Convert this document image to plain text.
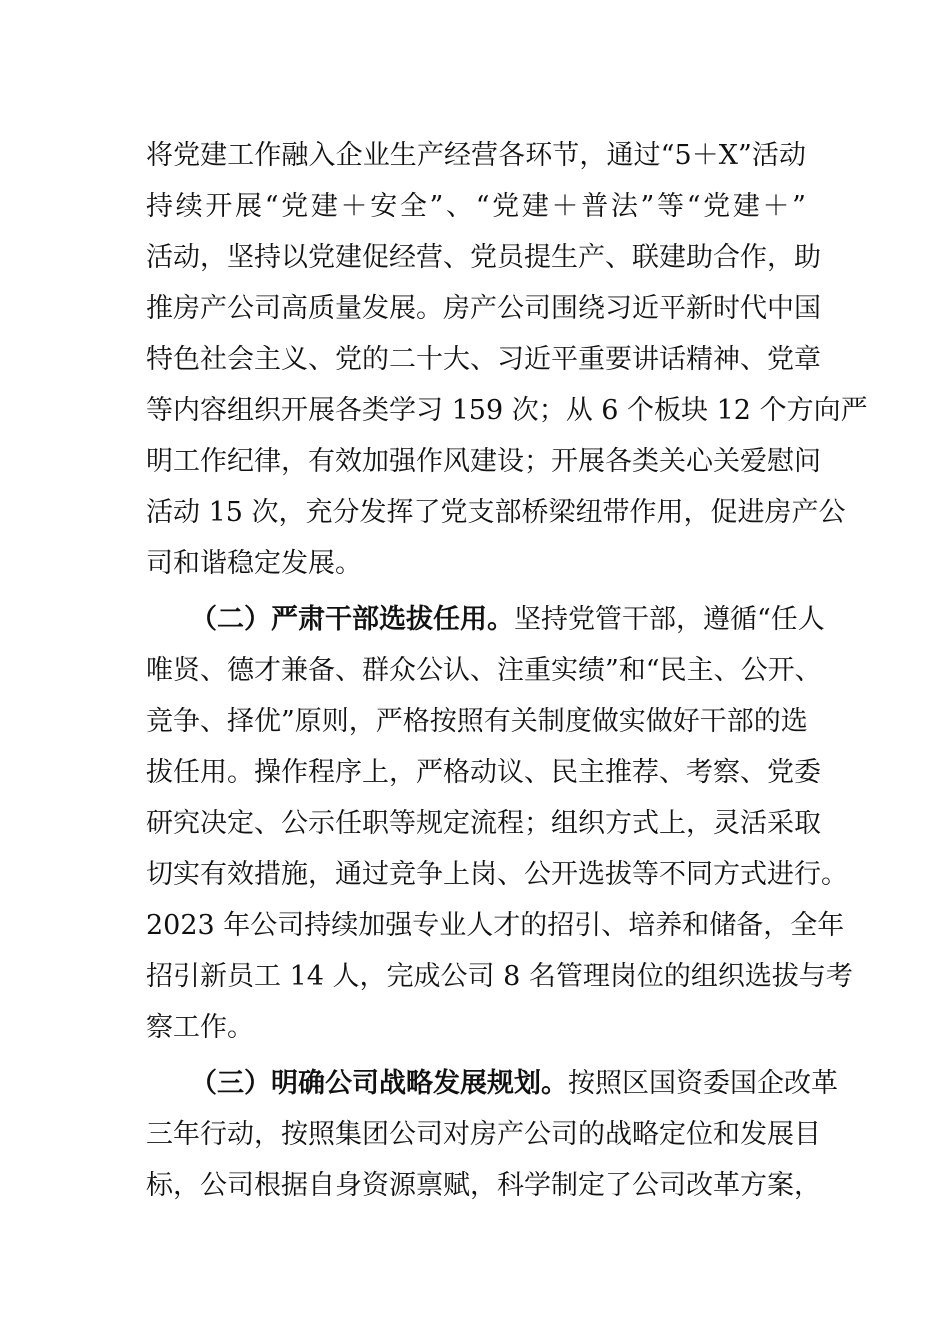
将党建工作融入企业生产经营各环节，通过“5＋X”活动
持续开展“党建＋安全”、“党建＋普法”等“党建＋”
活动，坚持以党建促经营、党员提生产、联建助合作，助
推房产公司高质量发展。房产公司围绕习近平新时代中国
特色社会主义、党的二十大、习近平重要讲话精神、党章
等内容组织开展各类学习 159 次；从 6 个板块 12 个方向严
明工作纪律，有效加强作风建设；开展各类关心关爱慰问
活动 15 次，充分发挥了党支部桥梁纽带作用，促进房产公
司和谐稳定发展。
（二）严肃干部选拔任用。坚持党管干部，遵循“任人
唯贤、德才兼备、群众公认、注重实绩”和“民主、公开、
竞争、择优”原则，严格按照有关制度做实做好干部的选
拔任用。操作程序上，严格动议、民主推荐、考察、党委
研究决定、公示任职等规定流程；组织方式上，灵活采取
切实有效措施，通过竞争上岗、公开选拔等不同方式进行。
2023 年公司持续加强专业人才的招引、培养和储备，全年
招引新员工 14 人，完成公司 8 名管理岗位的组织选拔与考
察工作。
（三）明确公司战略发展规划。按照区国资委国企改革
三年行动，按照集团公司对房产公司的战略定位和发展目
标，公司根据自身资源禀赋，科学制定了公司改革方案，
